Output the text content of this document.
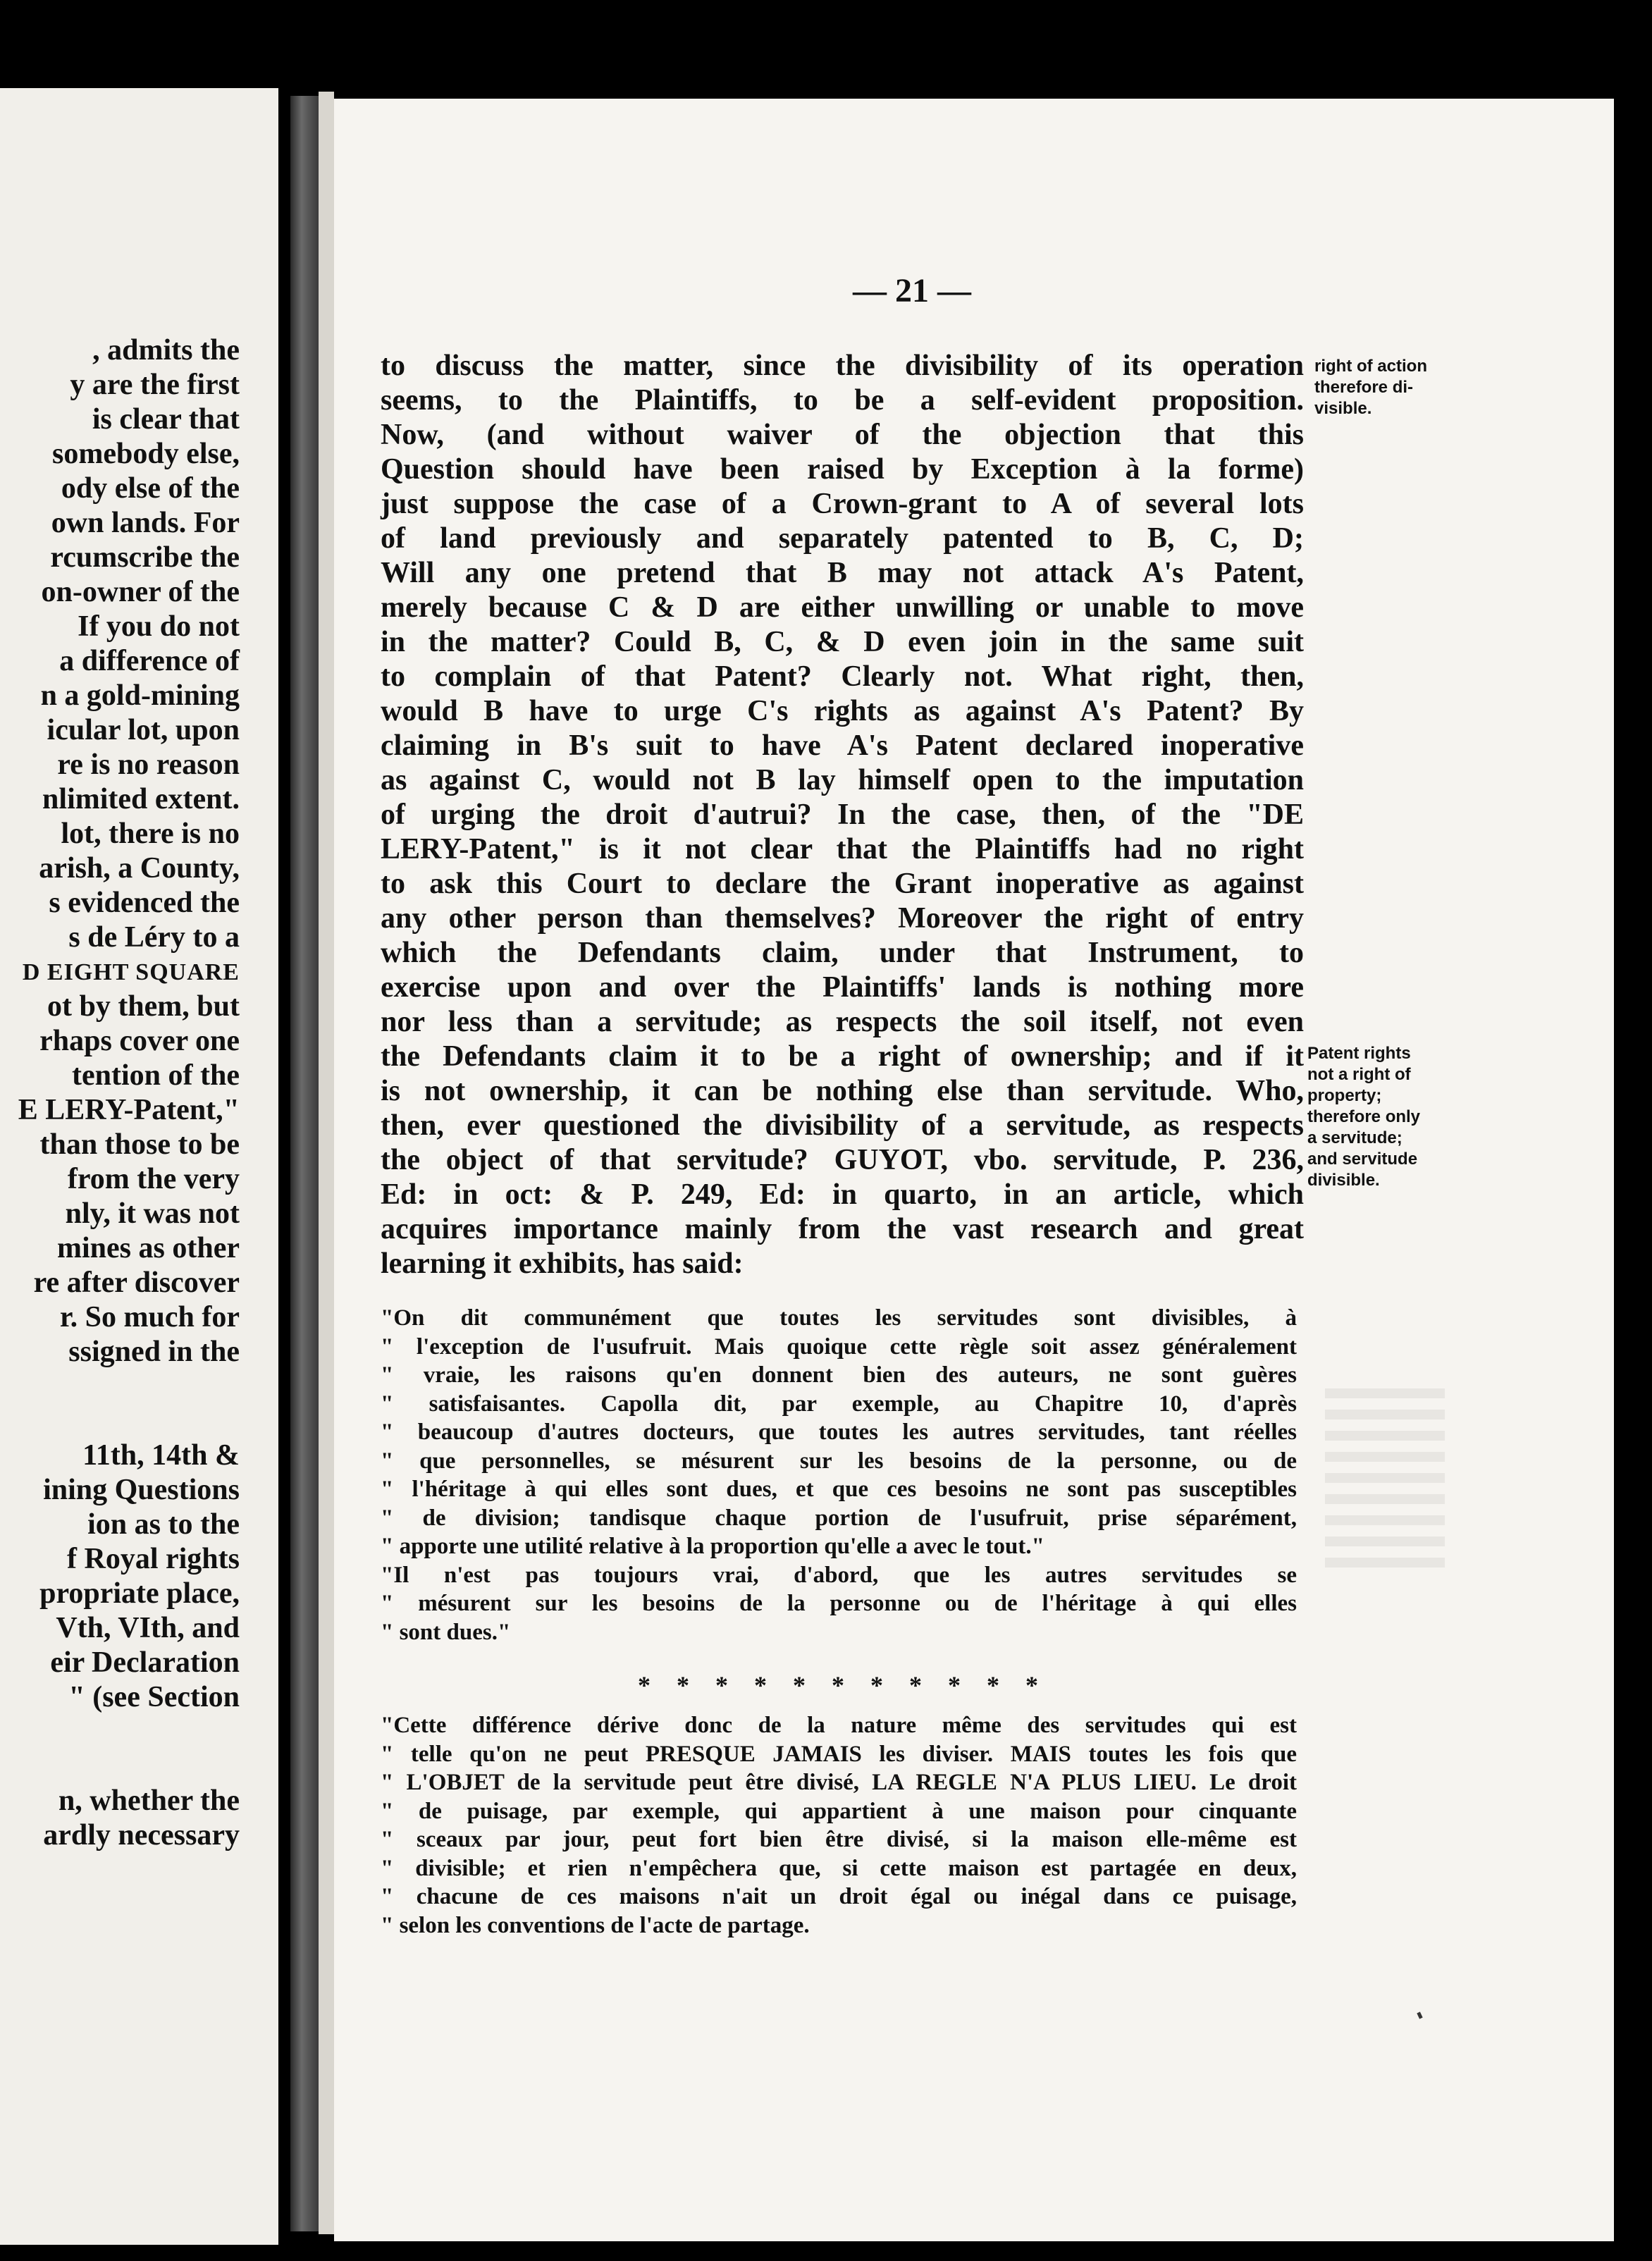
, admits the
y are the first
is clear that
somebody else,
ody else of the
own lands. For
rcumscribe the
on-owner of the
If you do not
a difference of
n a gold-mining
icular lot, upon
re is no reason
nlimited extent.
lot, there is no
arish, a County,
s evidenced the
s de Léry to a
D EIGHT SQUARE
ot by them, but
rhaps cover one
tention of the
E LERY-Patent,"
than those to be
from the very
nly, it was not
mines as other
re after discover
r. So much for
ssigned in the
11th, 14th &
ining Questions
ion as to the
f Royal rights
propriate place,
Vth, VIth, and
eir Declaration
" (see Section
n, whether the
ardly necessary
— 21 —
to discuss the matter, since the divisibility of its operation
seems, to the Plaintiffs, to be a self-evident proposition.
Now, (and without waiver of the objection that this
Question should have been raised by Exception à la forme)
just suppose the case of a Crown-grant to A of several lots
of land previously and separately patented to B, C, D;
Will any one pretend that B may not attack A's Patent,
merely because C & D are either unwilling or unable to move
in the matter? Could B, C, & D even join in the same suit
to complain of that Patent? Clearly not. What right, then,
would B have to urge C's rights as against A's Patent? By
claiming in B's suit to have A's Patent declared inoperative
as against C, would not B lay himself open to the imputation
of urging the droit d'autrui? In the case, then, of the "DE
LERY-Patent," is it not clear that the Plaintiffs had no right
to ask this Court to declare the Grant inoperative as against
any other person than themselves? Moreover the right of entry
which the Defendants claim, under that Instrument, to
exercise upon and over the Plaintiffs' lands is nothing more
nor less than a servitude; as respects the soil itself, not even
the Defendants claim it to be a right of ownership; and if it
is not ownership, it can be nothing else than servitude. Who,
then, ever questioned the divisibility of a servitude, as respects
the object of that servitude? GUYOT, vbo. servitude, P. 236,
Ed: in oct: & P. 249, Ed: in quarto, in an article, which
acquires importance mainly from the vast research and great
learning it exhibits, has said:
right of action
therefore di-
visible.
Patent rights
not a right of
property;
therefore only
a servitude;
and servitude
divisible.
"On dit communément que toutes les servitudes sont divisibles, à
" l'exception de l'usufruit. Mais quoique cette règle soit assez généralement
" vraie, les raisons qu'en donnent bien des auteurs, ne sont guères
" satisfaisantes. Capolla dit, par exemple, au Chapitre 10, d'après
" beaucoup d'autres docteurs, que toutes les autres servitudes, tant réelles
" que personnelles, se mésurent sur les besoins de la personne, ou de
" l'héritage à qui elles sont dues, et que ces besoins ne sont pas susceptibles
" de division; tandisque chaque portion de l'usufruit, prise séparément,
" apporte une utilité relative à la proportion qu'elle a avec le tout."
"Il n'est pas toujours vrai, d'abord, que les autres servitudes se
" mésurent sur les besoins de la personne ou de l'héritage à qui elles
" sont dues."
* * * * * * * * * * *
"Cette différence dérive donc de la nature même des servitudes qui est
" telle qu'on ne peut PRESQUE JAMAIS les diviser. MAIS toutes les fois que
" L'OBJET de la servitude peut être divisé, LA REGLE N'A PLUS LIEU. Le droit
" de puisage, par exemple, qui appartient à une maison pour cinquante
" sceaux par jour, peut fort bien être divisé, si la maison elle-même est
" divisible; et rien n'empêchera que, si cette maison est partagée en deux,
" chacune de ces maisons n'ait un droit égal ou inégal dans ce puisage,
" selon les conventions de l'acte de partage.
